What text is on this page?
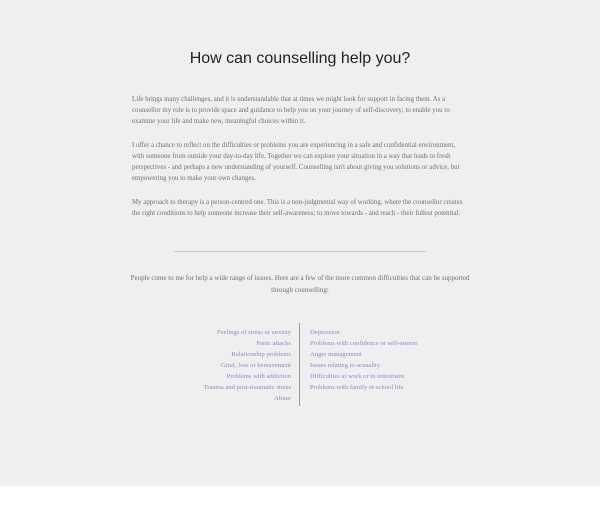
How can counselling help you?

Life brings many challenges, and it is understandable that at times we might look for support in facing them. As a counsellor my role is to provide space and guidance to help you on your journey of self-discovery; to enable you to examine your life and make new, meaningful choices within it.

I offer a chance to reflect on the difficulties or problems you are experiencing in a safe and confidential environment, with someone from outside your day-to-day life. Together we can explore your situation in a way that leads to fresh perspectives - and perhaps a new understanding of yourself. Counselling isn't about giving you solutions or advice, but empowering you to make your own changes.

My approach to therapy is a person-centred one. This is a non-judgmental way of working, where the counsellor creates the right conditions to help someone increase their self-awareness; to move towards - and reach - their fullest potential.

People come to me for help a wide range of issues. Here are a few of the more common difficulties that can be supported through counselling:

Feelings of stress or anxiety
Panic attacks
Relationship problems
Grief, loss or bereavement
Problems with addiction
Trauma and post-traumatic stress
Abuse
Depression
Problems with confidence or self-esteem
Anger management
Issues relating to sexuality
Difficulties at work or in retirement
Problems with family or school life
